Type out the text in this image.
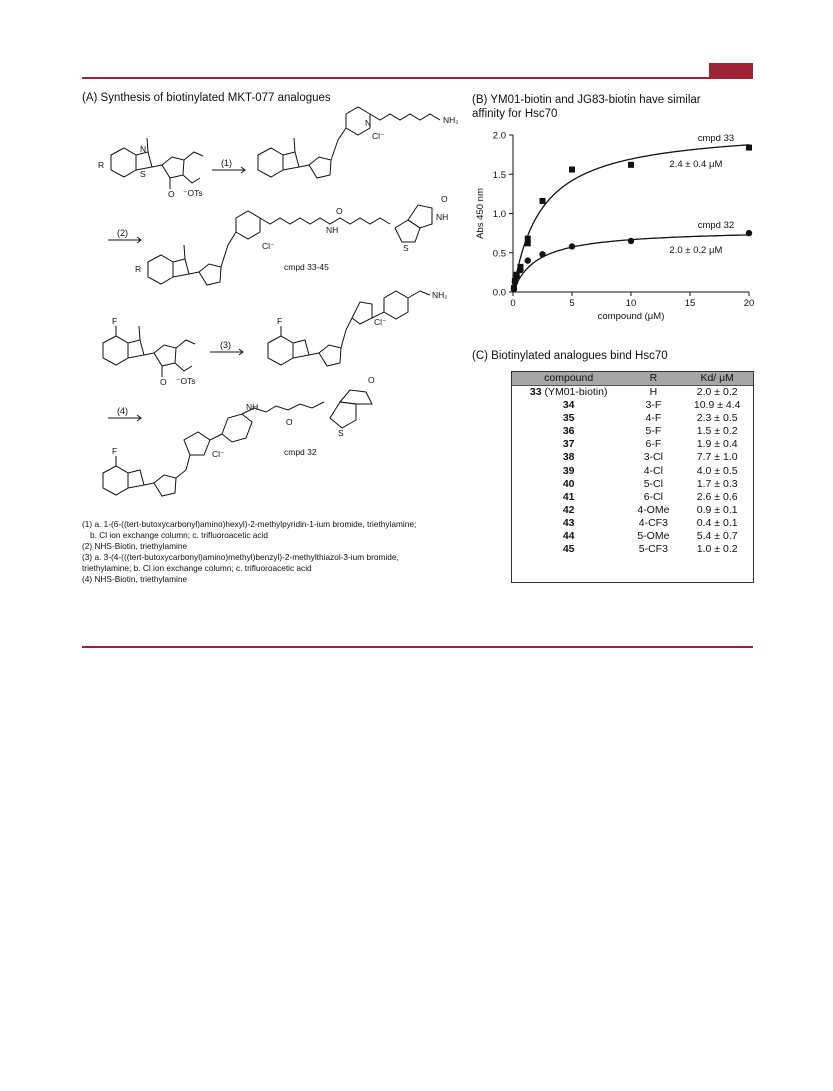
(A) Synthesis of biotinylated MKT-077 analogues	(B) YM01-biotin and JG83-biotin have similar
affinity for Hsc70
(C) Biotinylated analogues bind Hsc70
N
S
R
O ⁻OTs
(1)
N
Cl⁻
NH₂
(2)
R
NH
O
O
NH
S
Cl⁻
cmpd 33-45
F
O ⁻OTs
(3)
F	Cl⁻
NH₂
(4)
F	Cl⁻
NH
O
O
S
cmpd 32
(1) a. 1-(6-((tert-butoxycarbonyl)amino)hexyl)-2-methylpyridin-1-ium bromide, triethylamine;
b. Cl ion exchange column; c. trifluoroacetic acid
(2) NHS-Biotin, triethylamine
(3) a. 3-(4-(((tert-butoxycarbonyl)amino)methyl)benzyl)-2-methylthiazol-3-ium bromide,
triethylamine; b. Cl ion exchange column; c. trifluoroacetic acid
(4) NHS-Biotin, triethylamine
0.0
0.5
1.0
1.5
2.0
0	5	10	15	20
cmpd 33
2.4 ± 0.4 μM
cmpd 32
2.0 ± 0.2 μM
compound (μM)
Abs 450 nm
compound	R	Kd/ μM
33 (YM01-biotin)	H	2.0 ± 0.2
34	3-F	10.9 ± 4.4
35	4-F	2.3 ± 0.5
36	5-F	1.5 ± 0.2
37	6-F	1.9 ± 0.4
38	3-Cl	7.7 ± 1.0
39	4-Cl	4.0 ± 0.5
40	5-Cl	1.7 ± 0.3
41	6-Cl	2.6 ± 0.6
42	4-OMe	0.9 ± 0.1
43	4-CF3	0.4 ± 0.1
44	5-OMe	5.4 ± 0.7
45	5-CF3	1.0 ± 0.2
